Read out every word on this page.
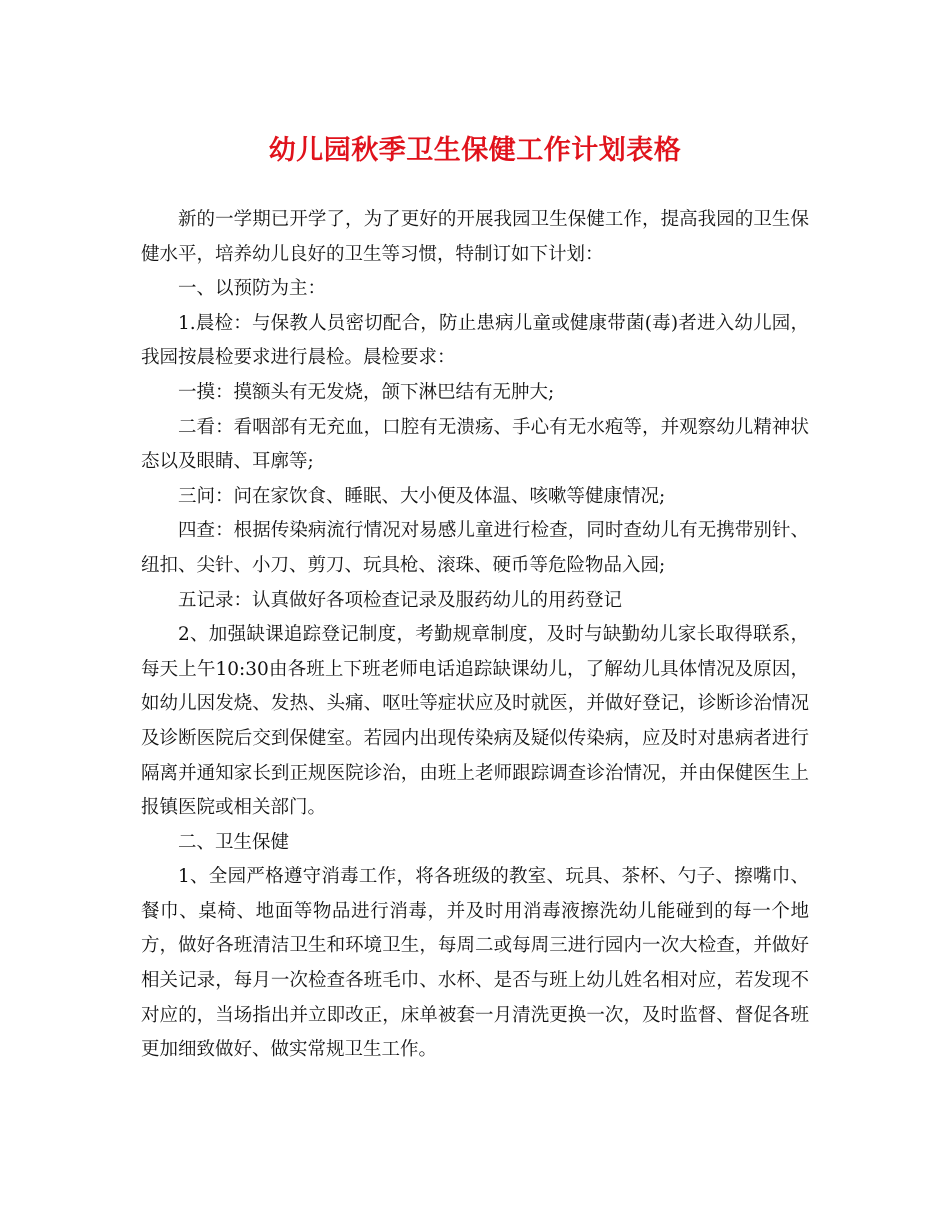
幼儿园秋季卫生保健工作计划表格

新的一学期已开学了，为了更好的开展我园卫生保健工作，提高我园的卫生保健水平，培养幼儿良好的卫生等习惯，特制订如下计划：

一、以预防为主：

1.晨检：与保教人员密切配合，防止患病儿童或健康带菌(毒)者进入幼儿园，我园按晨检要求进行晨检。晨检要求：

一摸：摸额头有无发烧，颌下淋巴结有无肿大;

二看：看咽部有无充血，口腔有无溃疡、手心有无水疱等，并观察幼儿精神状态以及眼睛、耳廓等;

三问：问在家饮食、睡眠、大小便及体温、咳嗽等健康情况;

四查：根据传染病流行情况对易感儿童进行检查，同时查幼儿有无携带别针、纽扣、尖针、小刀、剪刀、玩具枪、滚珠、硬币等危险物品入园;

五记录：认真做好各项检查记录及服药幼儿的用药登记

2、加强缺课追踪登记制度，考勤规章制度，及时与缺勤幼儿家长取得联系，每天上午10:30由各班上下班老师电话追踪缺课幼儿，了解幼儿具体情况及原因，如幼儿因发烧、发热、头痛、呕吐等症状应及时就医，并做好登记，诊断诊治情况及诊断医院后交到保健室。若园内出现传染病及疑似传染病，应及时对患病者进行隔离并通知家长到正规医院诊治，由班上老师跟踪调查诊治情况，并由保健医生上报镇医院或相关部门。

二、卫生保健

1、全园严格遵守消毒工作，将各班级的教室、玩具、茶杯、勺子、擦嘴巾、餐巾、桌椅、地面等物品进行消毒，并及时用消毒液擦洗幼儿能碰到的每一个地方，做好各班清洁卫生和环境卫生，每周二或每周三进行园内一次大检查，并做好相关记录，每月一次检查各班毛巾、水杯、是否与班上幼儿姓名相对应，若发现不对应的，当场指出并立即改正，床单被套一月清洗更换一次，及时监督、督促各班更加细致做好、做实常规卫生工作。
